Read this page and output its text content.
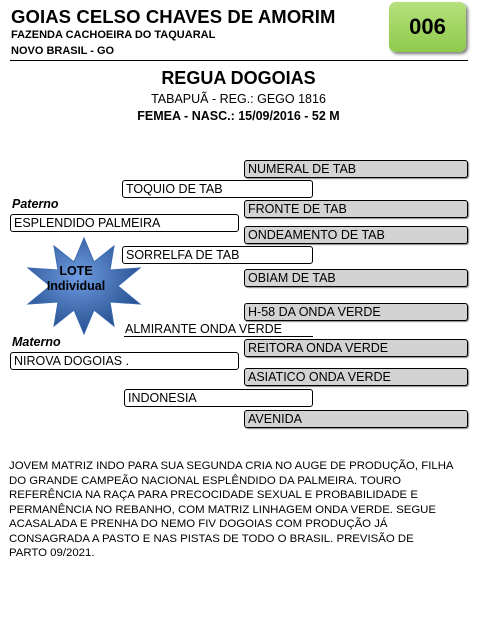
GOIAS CELSO CHAVES DE AMORIM
FAZENDA CACHOEIRA DO TAQUARAL
NOVO BRASIL - GO
006
REGUA DOGOIAS
TABAPUÃ - REG.: GEGO 1816
FEMEA - NASC.: 15/09/2016 - 52 M
Paterno
Materno
ESPLENDIDO PALMEIRA
NIROVA DOGOIAS .
TOQUIO DE TAB
SORRELFA DE TAB
ALMIRANTE ONDA VERDE
INDONESIA
NUMERAL DE TAB
FRONTE DE TAB
ONDEAMENTO DE TAB
OBIAM DE TAB
H-58 DA ONDA VERDE
REITORA ONDA VERDE
ASIATICO ONDA VERDE
AVENIDA
LOTE
Individual
JOVEM MATRIZ INDO PARA SUA SEGUNDA CRIA NO AUGE DE PRODUÇÃO, FILHA DO GRANDE CAMPEÃO NACIONAL ESPLÊNDIDO DA PALMEIRA. TOURO REFERÊNCIA NA RAÇA PARA PRECOCIDADE SEXUAL E PROBABILIDADE E PERMANÊNCIA NO REBANHO, COM MATRIZ LINHAGEM ONDA VERDE. SEGUE ACASALADA E PRENHA DO NEMO FIV DOGOIAS COM PRODUÇÃO JÁ CONSAGRADA A PASTO E NAS PISTAS DE TODO O BRASIL. PREVISÃO DE PARTO 09/2021.
